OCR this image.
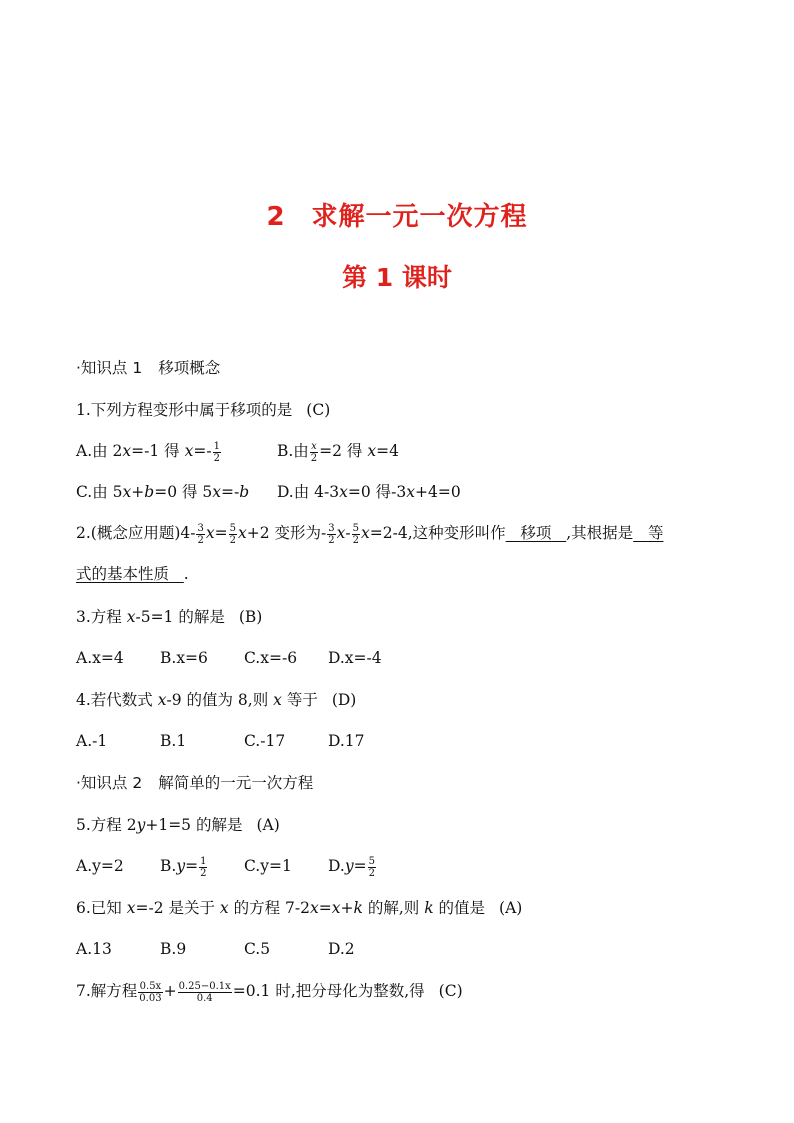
2 求解一元一次方程
第 1 课时
·知识点 1 移项概念
1.下列方程变形中属于移项的是 (C)
A.由 2x=-1 得 $x=- \frac{1}{2}$	B.由 $\frac{x}{2} =2$ 得 x=4
C.由 5x+b=0 得 5x=-b D.由 4-3x=0 得-3x+4=0
2.(概念应用题)$4- \frac{3}{2} x= \frac{5}{2} x+2$ 变形为- $\frac{3}{2} x- \frac{5}{2} x=2-4$,这种变形叫作 移项 ,其根据是 等
式的基本性质 .
3.方程 x-5=1 的解是 (B)
A.x=4 B.x=6 C.x=-6 D.x=-4
4.若代数式 x-9 的值为 8,则 x 等于 (D)
A.-1	B.1	C.-17	D.17
·知识点 2 解简单的一元一次方程
5.方程 2y+1=5 的解是 (A)
A.y=2 $B.y= \frac{1}{2} C.y=1$ $D.y= \frac{5}{2}$
6.已知 x=-2 是关于 x 的方程 7-2x=x+k 的解,则 k 的值是 (A)
A.13	B.9	C.5	D.2
7.解方程 $\frac{0.5x}{0.03} + \frac{0.25-0.1x}{0.4} =0.1$ 时,把分母化为整数,得 (C)
